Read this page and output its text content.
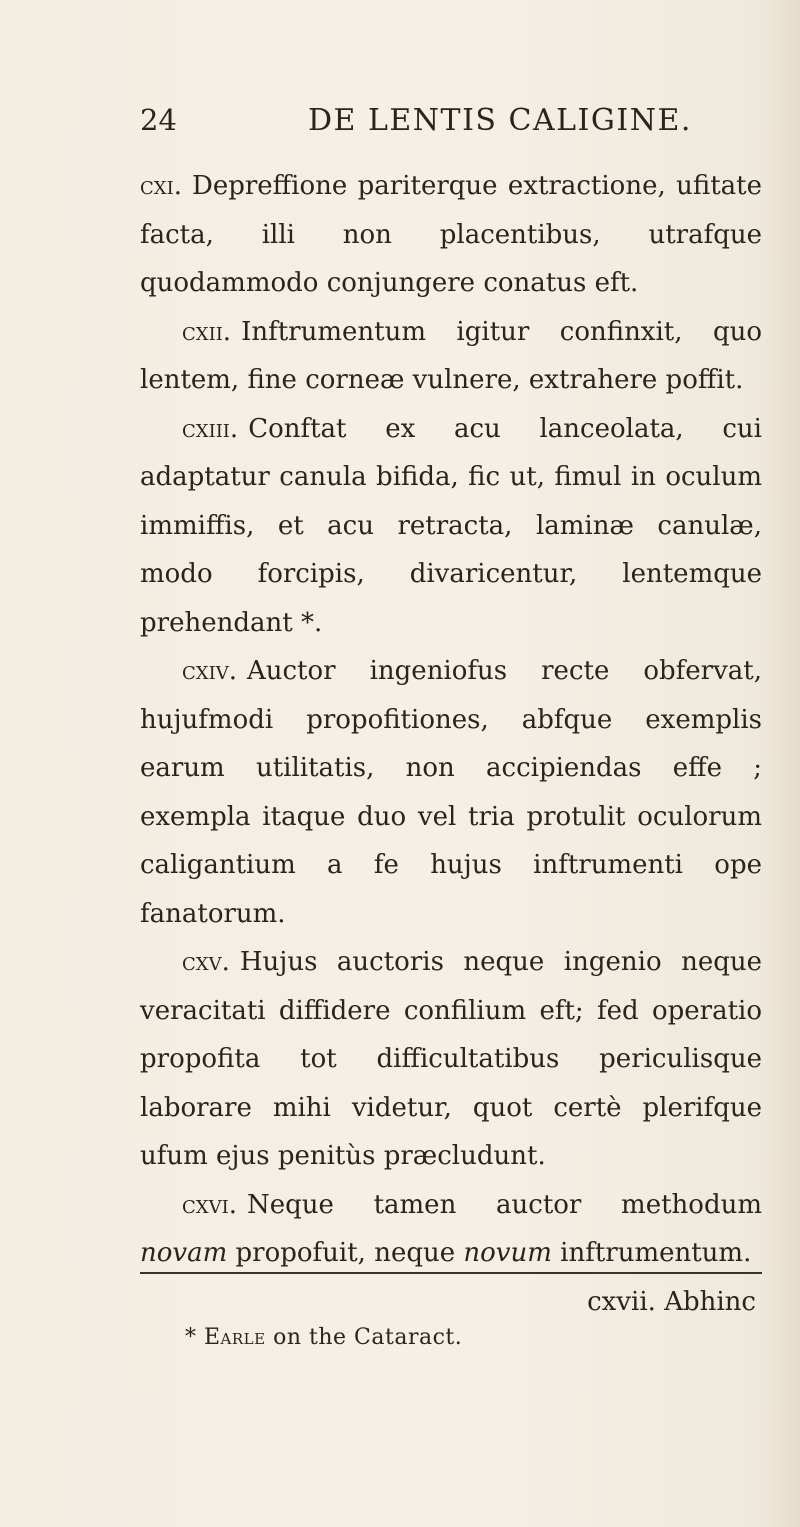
24	DE LENTIS CALIGINE.

cxi. Depreffione pariterque extractione, ufitate facta, illi non placentibus, utrafque quodammodo conjungere conatus eft.

cxii. Inftrumentum igitur confinxit, quo lentem, fine corneæ vulnere, extrahere poffit.

cxiii. Conftat ex acu lanceolata, cui adaptatur canula bifida, fic ut, fimul in oculum immiffis, et acu retracta, laminæ canulæ, modo forcipis, divaricentur, lentemque prehendant *.

cxiv. Auctor ingeniofus recte obfervat, hujufmodi propofitiones, abfque exemplis earum utilitatis, non accipiendas effe ; exempla itaque duo vel tria protulit oculorum caligantium a fe hujus inftrumenti ope fanatorum.

cxv. Hujus auctoris neque ingenio neque veracitati diffidere confilium eft; fed operatio propofita tot difficultatibus periculisque laborare mihi videtur, quot certè plerifque ufum ejus penitùs præcludunt.

cxvi. Neque tamen auctor methodum novam propofuit, neque novum inftrumentum.

cxvii. Abhinc
* Earle on the Cataract.
